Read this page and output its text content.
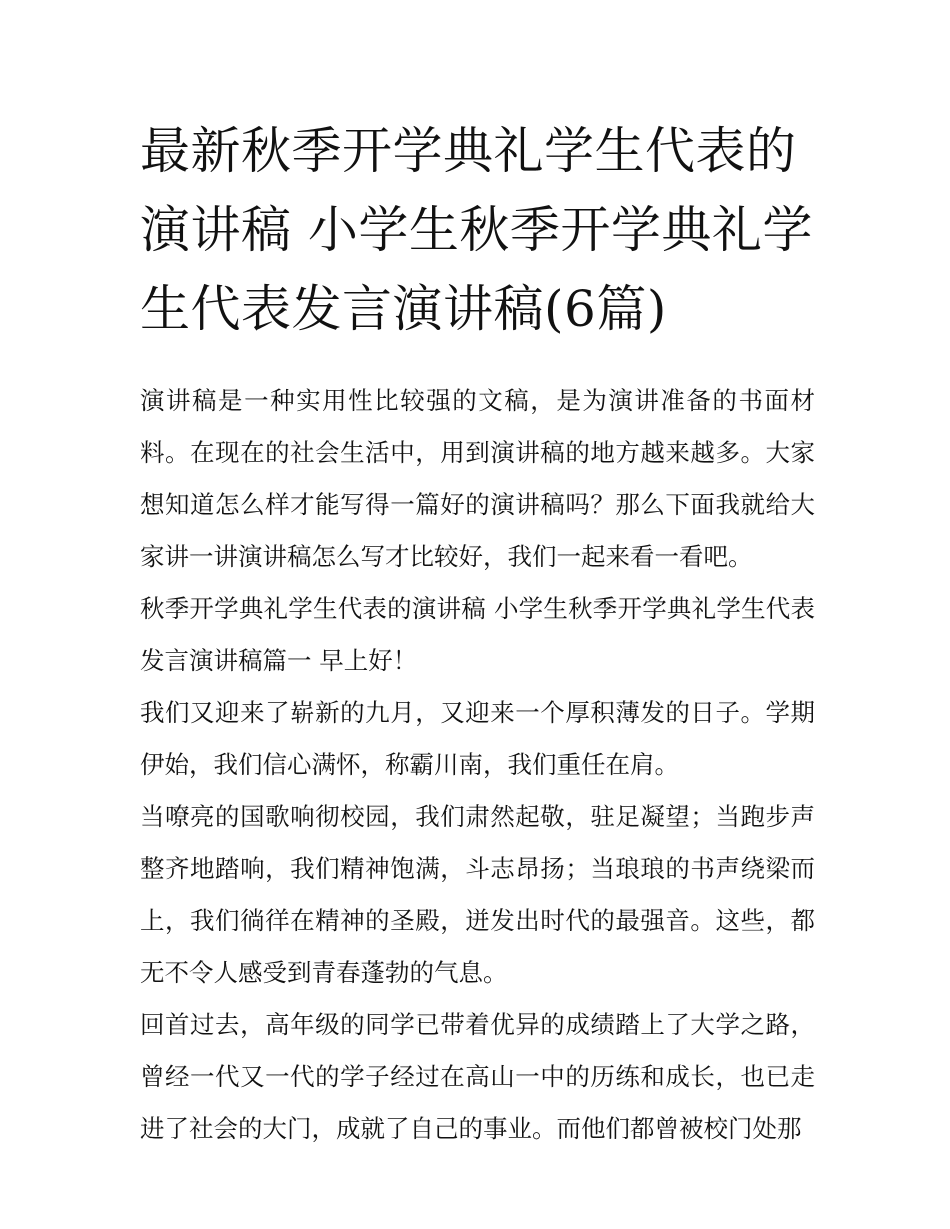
最新秋季开学典礼学生代表的演讲稿 小学生秋季开学典礼学生代表发言演讲稿(6篇)

演讲稿是一种实用性比较强的文稿，是为演讲准备的书面材料。在现在的社会生活中，用到演讲稿的地方越来越多。大家想知道怎么样才能写得一篇好的演讲稿吗？那么下面我就给大家讲一讲演讲稿怎么写才比较好，我们一起来看一看吧。

秋季开学典礼学生代表的演讲稿 小学生秋季开学典礼学生代表发言演讲稿篇一 早上好！

我们又迎来了崭新的九月，又迎来一个厚积薄发的日子。学期伊始，我们信心满怀，称霸川南，我们重任在肩。

当嘹亮的国歌响彻校园，我们肃然起敬，驻足凝望；当跑步声整齐地踏响，我们精神饱满，斗志昂扬；当琅琅的书声绕梁而上，我们徜徉在精神的圣殿，迸发出时代的最强音。这些，都无不令人感受到青春蓬勃的气息。

回首过去，高年级的同学已带着优异的成绩踏上了大学之路，曾经一代又一代的学子经过在高山一中的历练和成长，也已走进了社会的大门，成就了自己的事业。而他们都曾被校门处那
